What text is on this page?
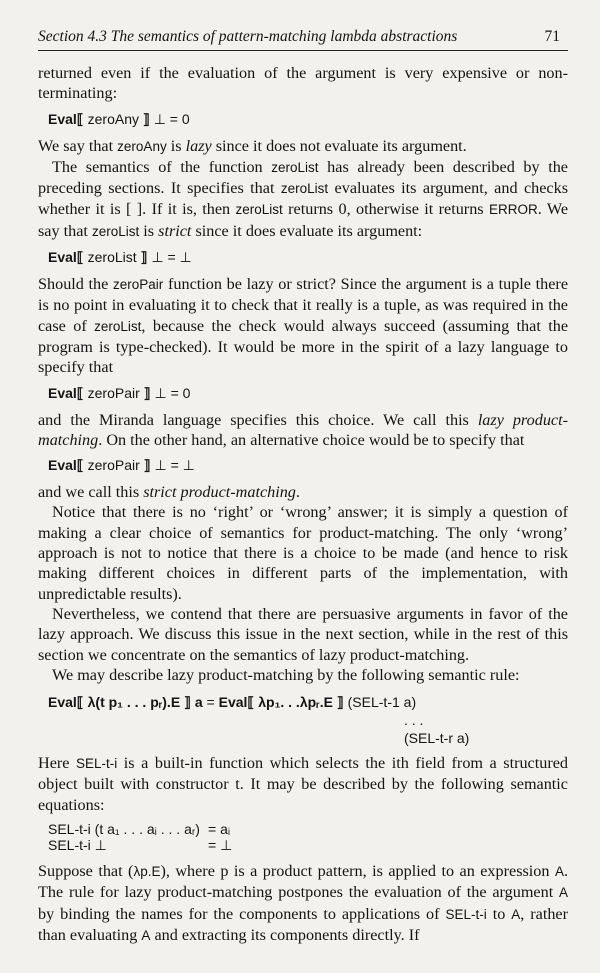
Section 4.3 The semantics of pattern-matching lambda abstractions	71

returned even if the evaluation of the argument is very expensive or non-terminating:

Eval⟦ zeroAny ⟧ ⊥ = 0

We say that zeroAny is lazy since it does not evaluate its argument.

The semantics of the function zeroList has already been described by the preceding sections. It specifies that zeroList evaluates its argument, and checks whether it is [ ]. If it is, then zeroList returns 0, otherwise it returns ERROR. We say that zeroList is strict since it does evaluate its argument:

Eval⟦ zeroList ⟧ ⊥ = ⊥

Should the zeroPair function be lazy or strict? Since the argument is a tuple there is no point in evaluating it to check that it really is a tuple, as was required in the case of zeroList, because the check would always succeed (assuming that the program is type-checked). It would be more in the spirit of a lazy language to specify that

Eval⟦ zeroPair ⟧ ⊥ = 0

and the Miranda language specifies this choice. We call this lazy product-matching. On the other hand, an alternative choice would be to specify that

Eval⟦ zeroPair ⟧ ⊥ = ⊥

and we call this strict product-matching.

Notice that there is no ‘right’ or ‘wrong’ answer; it is simply a question of making a clear choice of semantics for product-matching. The only ‘wrong’ approach is not to notice that there is a choice to be made (and hence to risk making different choices in different parts of the implementation, with unpredictable results).

Nevertheless, we contend that there are persuasive arguments in favor of the lazy approach. We discuss this issue in the next section, while in the rest of this section we concentrate on the semantics of lazy product-matching.

We may describe lazy product-matching by the following semantic rule:

Eval⟦ λ(t p₁ . . . pᵣ).E ⟧ a = Eval⟦ λp₁. . .λpᵣ.E ⟧ (SEL-t-1 a)
. . .
(SEL-t-r a)

Here SEL-t-i is a built-in function which selects the ith field from a structured object built with constructor t. It may be described by the following semantic equations:

SEL-t-i (t a₁ . . . aᵢ . . . aᵣ) = aᵢ
SEL-t-i ⊥	= ⊥

Suppose that (λp.E), where p is a product pattern, is applied to an expression A. The rule for lazy product-matching postpones the evaluation of the argument A by binding the names for the components to applications of SEL-t-i to A, rather than evaluating A and extracting its components directly. If
